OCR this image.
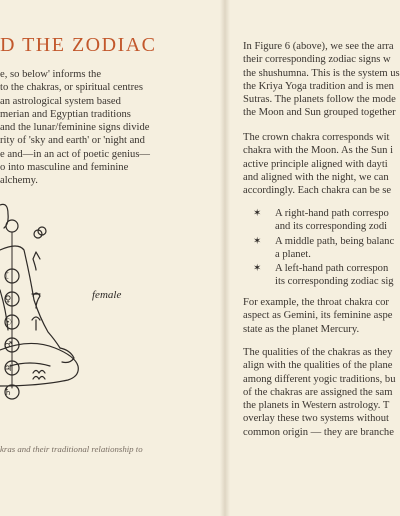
D THE ZODIAC

e, so below' informs the
to the chakras, or spiritual centres
an astrological system based
merian and Egyptian traditions
and the lunar/feminine signs divide
rity of 'sky and earth' or 'night and
e and—in an act of poetic genius—
o into masculine and feminine
alchemy.

☾
♀
☉
♂
♃
♄
female
kras and their traditional relationship to
In Figure 6 (above), we see the arra
their corresponding zodiac signs w
the shushumna. This is the system us
the Kriya Yoga tradition and is men
Sutras. The planets follow the mode
the Moon and Sun grouped together
The crown chakra corresponds wit
chakra with the Moon. As the Sun i
active principle aligned with dayti
and aligned with the night, we can
accordingly. Each chakra can be se
✶ A right-hand path correspo
and its corresponding zodi
✶ A middle path, being balanc
a planet.
✶ A left-hand path correspon
its corresponding zodiac sig
For example, the throat chakra cor
aspect as Gemini, its feminine aspe
state as the planet Mercury.
The qualities of the chakras as they
align with the qualities of the plane
among different yogic traditions, bu
of the chakras are assigned the sam
the planets in Western astrology. T
overlay these two systems without
common origin — they are branche
